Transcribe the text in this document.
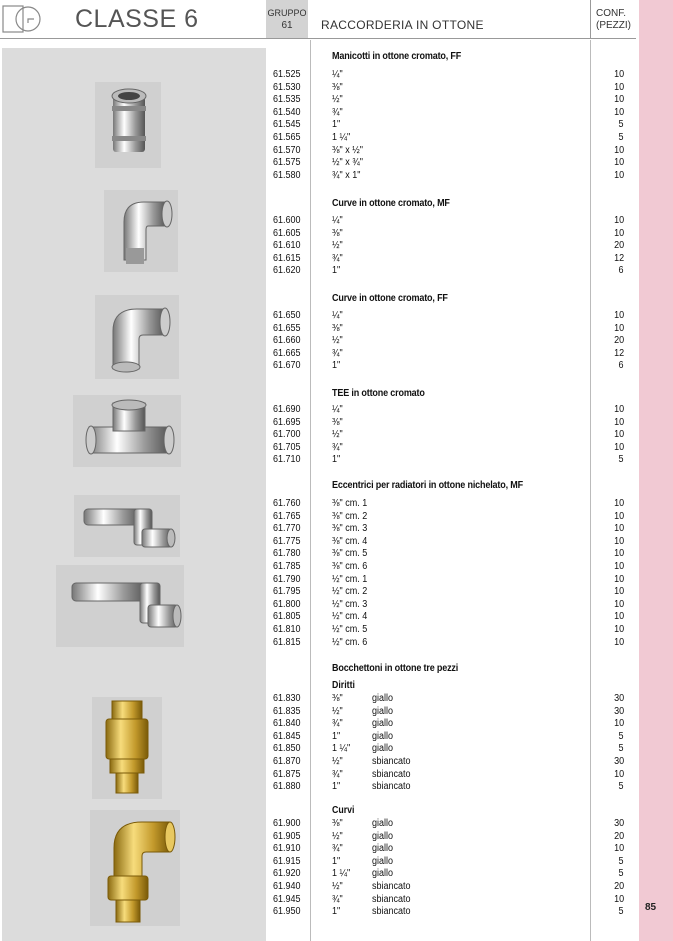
CLASSE 6	GRUPPO
61	RACCORDERIA IN OTTONE
CONF.
(PEZZI)
Manicotti in ottone cromato, FF
61.525	¼"	10
61.530	⅜"	10
61.535	½"	10
61.540	¾"	10
61.545	1"	5
61.565	1 ¼"	5
61.570	⅜" x ½"	10
61.575	½" x ¾"	10
61.580	¾" x 1"	10
Curve in ottone cromato, MF
61.600	¼"	10
61.605	⅜"	10
61.610	½"	20
61.615	¾"	12
61.620	1"	6
Curve in ottone cromato, FF
61.650	¼"	10
61.655	⅜"	10
61.660	½"	20
61.665	¾"	12
61.670	1"	6
TEE in ottone cromato
61.690	¼"	10
61.695	⅜"	10
61.700	½"	10
61.705	¾"	10
61.710	1"	5
Eccentrici per radiatori in ottone nichelato, MF
61.760	⅜" cm. 1	10
61.765	⅜" cm. 2	10
61.770	⅜" cm. 3	10
61.775	⅜" cm. 4	10
61.780	⅜" cm. 5	10
61.785	⅜" cm. 6	10
61.790	½" cm. 1	10
61.795	½" cm. 2	10
61.800	½" cm. 3	10
61.805	½" cm. 4	10
61.810	½" cm. 5	10
61.815	½" cm. 6	10
Bocchettoni in ottone tre pezzi
Diritti
61.830	⅜"	giallo	30
61.835	½"	giallo	30
61.840	¾"	giallo	10
61.845	1"	giallo	5
61.850	1 ¼" giallo	5
61.870	½"	sbiancato	30
61.875	¾"	sbiancato	10
61.880	1"	sbiancato	5
Curvi
61.900	⅜"	giallo	30
61.905	½"	giallo	20
61.910	¾"	giallo	10
61.915	1"	giallo	5
61.920	1 ¼" giallo	5
61.940	½"	sbiancato	20
61.945	¾"	sbiancato	10
61.950	1"	sbiancato	5 85
